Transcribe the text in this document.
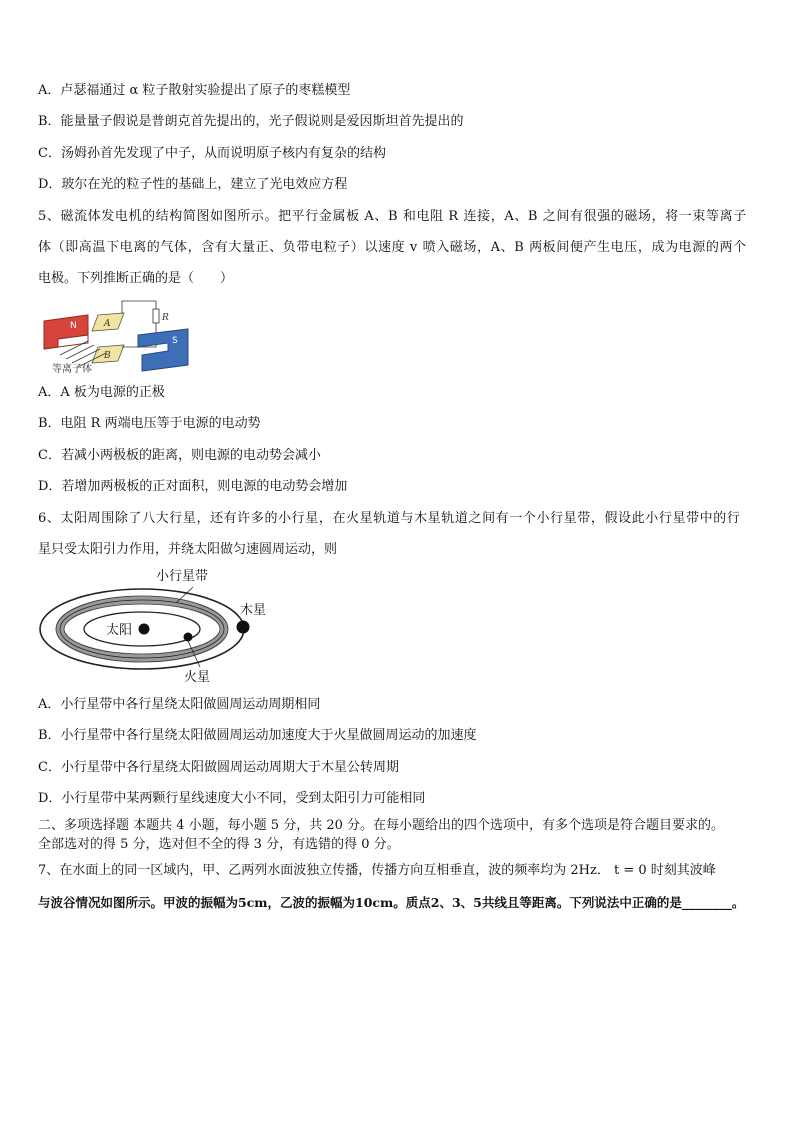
A．卢瑟福通过 α 粒子散射实验提出了原子的枣糕模型
B．能量量子假说是普朗克首先提出的，光子假说则是爱因斯坦首先提出的
C．汤姆孙首先发现了中子，从而说明原子核内有复杂的结构
D．玻尔在光的粒子性的基础上，建立了光电效应方程
5、磁流体发电机的结构简图如图所示。把平行金属板 A、B 和电阻 R 连接，A、B 之间有很强的磁场，将一束等离子
体（即高温下电离的气体，含有大量正、负带电粒子）以速度 v 喷入磁场，A、B 两板间便产生电压，成为电源的两个
电极。下列推断正确的是（　　）
N	A
B
R
S
等离子体
A．A 板为电源的正极
B．电阻 R 两端电压等于电源的电动势
C．若减小两极板的距离，则电源的电动势会减小
D．若增加两极板的正对面积，则电源的电动势会增加
6、太阳周围除了八大行星，还有许多的小行星，在火星轨道与木星轨道之间有一个小行星带，假设此小行星带中的行
星只受太阳引力作用，并绕太阳做匀速圆周运动，则
小行星带
木星
太阳
火星
A．小行星带中各行星绕太阳做圆周运动周期相同
B．小行星带中各行星绕太阳做圆周运动加速度大于火星做圆周运动的加速度
C．小行星带中各行星绕太阳做圆周运动周期大于木星公转周期
D．小行星带中某两颗行星线速度大小不同，受到太阳引力可能相同
二、多项选择题 本题共 4 小题，每小题 5 分，共 20 分。在每小题给出的四个选项中，有多个选项是符合题目要求的。
全部选对的得 5 分，选对但不全的得 3 分，有选错的得 0 分。
7、在水面上的同一区域内，甲、乙两列水面波独立传播，传播方向互相垂直，波的频率均为 2Hz． t = 0 时刻其波峰
与波谷情况如图所示。甲波的振幅为5cm，乙波的振幅为10cm。质点2、3、5共线且等距离。下列说法中正确的是________。
